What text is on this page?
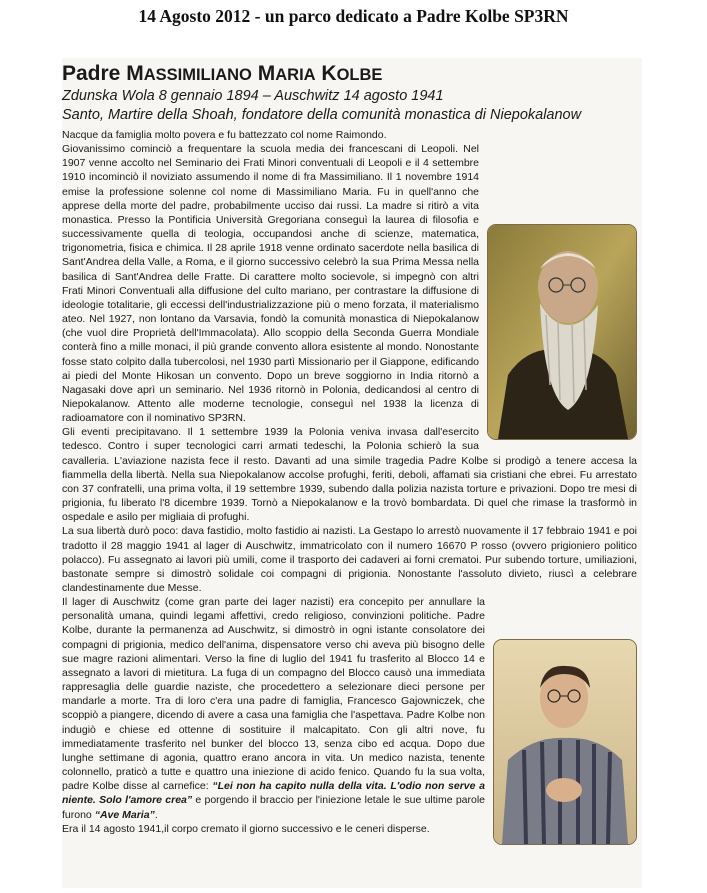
14 Agosto 2012 - un parco dedicato a Padre Kolbe SP3RN
Padre MASSIMILIANO MARIA KOLBE
Zdunska Wola 8 gennaio 1894 – Auschwitz 14 agosto 1941
Santo, Martire della Shoah, fondatore della comunità monastica di Niepokalanow

Nacque da famiglia molto povera e fu battezzato col nome Raimondo.

Giovanissimo cominciò a frequentare la scuola media dei francescani di Leopoli. Nel 1907 venne accolto nel Seminario dei Frati Minori conventuali di Leopoli e il 4 settembre 1910 incominciò il noviziato assumendo il nome di fra Massimiliano. Il 1 novembre 1914 emise la professione solenne col nome di Massimiliano Maria. Fu in quell'anno che apprese della morte del padre, probabilmente ucciso dai russi. La madre si ritirò a vita monastica. Presso la Pontificia Università Gregoriana conseguì la laurea di filosofia e successivamente quella di teologia, occupandosi anche di scienze, matematica, trigonometria, fisica e chimica. Il 28 aprile 1918 venne ordinato sacerdote nella basilica di Sant'Andrea della Valle, a Roma, e il giorno successivo celebrò la sua Prima Messa nella basilica di Sant'Andrea delle Fratte. Di carattere molto socievole, si impegnò con altri Frati Minori Conventuali alla diffusione del culto mariano, per contrastare la diffusione di ideologie totalitarie, gli eccessi dell'industrializzazione più o meno forzata, il materialismo ateo. Nel 1927, non lontano da Varsavia, fondò la comunità monastica di Niepokalanow (che vuol dire Proprietà dell'Immacolata). Allo scoppio della Seconda Guerra Mondiale conterà fino a mille monaci, il più grande convento allora esistente al mondo. Nonostante fosse stato colpito dalla tubercolosi, nel 1930 partì Missionario per il Giappone, edificando ai piedi del Monte Hikosan un convento. Dopo un breve soggiorno in India ritornò a Nagasaki dove aprì un seminario. Nel 1936 ritornò in Polonia, dedicandosi al centro di Niepokalanow. Attento alle moderne tecnologie, conseguì nel 1938 la licenza di radioamatore con il nominativo SP3RN.

Gli eventi precipitavano. Il 1 settembre 1939 la Polonia veniva invasa dall'esercito tedesco. Contro i super tecnologici carri armati tedeschi, la Polonia schierò la sua cavalleria. L'aviazione nazista fece il resto. Davanti ad una simile tragedia Padre Kolbe si prodigò a tenere accesa la fiammella della libertà. Nella sua Niepokalanow accolse profughi, feriti, deboli, affamati sia cristiani che ebrei. Fu arrestato con 37 confratelli, una prima volta, il 19 settembre 1939, subendo dalla polizia nazista torture e privazioni. Dopo tre mesi di prigionia, fu liberato l'8 dicembre 1939. Tornò a Niepokalanow e la trovò bombardata. Di quel che rimase la trasformò in ospedale e asilo per migliaia di profughi.

La sua libertà durò poco: dava fastidio, molto fastidio ai nazisti. La Gestapo lo arrestò nuovamente il 17 febbraio 1941 e poi tradotto il 28 maggio 1941 al lager di Auschwitz, immatricolato con il numero 16670 P rosso (ovvero prigioniero politico polacco). Fu assegnato ai lavori più umili, come il trasporto dei cadaveri ai forni crematoi. Pur subendo torture, umiliazioni, bastonate sempre si dimostrò solidale coi compagni di prigionia. Nonostante l'assoluto divieto, riuscì a celebrare clandestinamente due Messe.

Il lager di Auschwitz (come gran parte dei lager nazisti) era concepito per annullare la personalità umana, quindi legami affettivi, credo religioso, convinzioni politiche. Padre Kolbe, durante la permanenza ad Auschwitz, si dimostrò in ogni istante consolatore dei compagni di prigionia, medico dell'anima, dispensatore verso chi aveva più bisogno delle sue magre razioni alimentari. Verso la fine di luglio del 1941 fu trasferito al Blocco 14 e assegnato a lavori di mietitura. La fuga di un compagno del Blocco causò una immediata rappresaglia delle guardie naziste, che procedettero a selezionare dieci persone per mandarle a morte. Tra di loro c'era una padre di famiglia, Francesco Gajowniczek, che scoppiò a piangere, dicendo di avere a casa una famiglia che l'aspettava. Padre Kolbe non indugiò e chiese ed ottenne di sostituire il malcapitato. Con gli altri nove, fu immediatamente trasferito nel bunker del blocco 13, senza cibo ed acqua. Dopo due lunghe settimane di agonia, quattro erano ancora in vita. Un medico nazista, tenente colonnello, praticò a tutte e quattro una iniezione di acido fenico. Quando fu la sua volta, padre Kolbe disse al carnefice: “Lei non ha capito nulla della vita. L'odio non serve a niente. Solo l'amore crea” e porgendo il braccio per l'iniezione letale le sue ultime parole furono “Ave Maria”.

Era il 14 agosto 1941,il corpo cremato il giorno successivo e le ceneri disperse.
